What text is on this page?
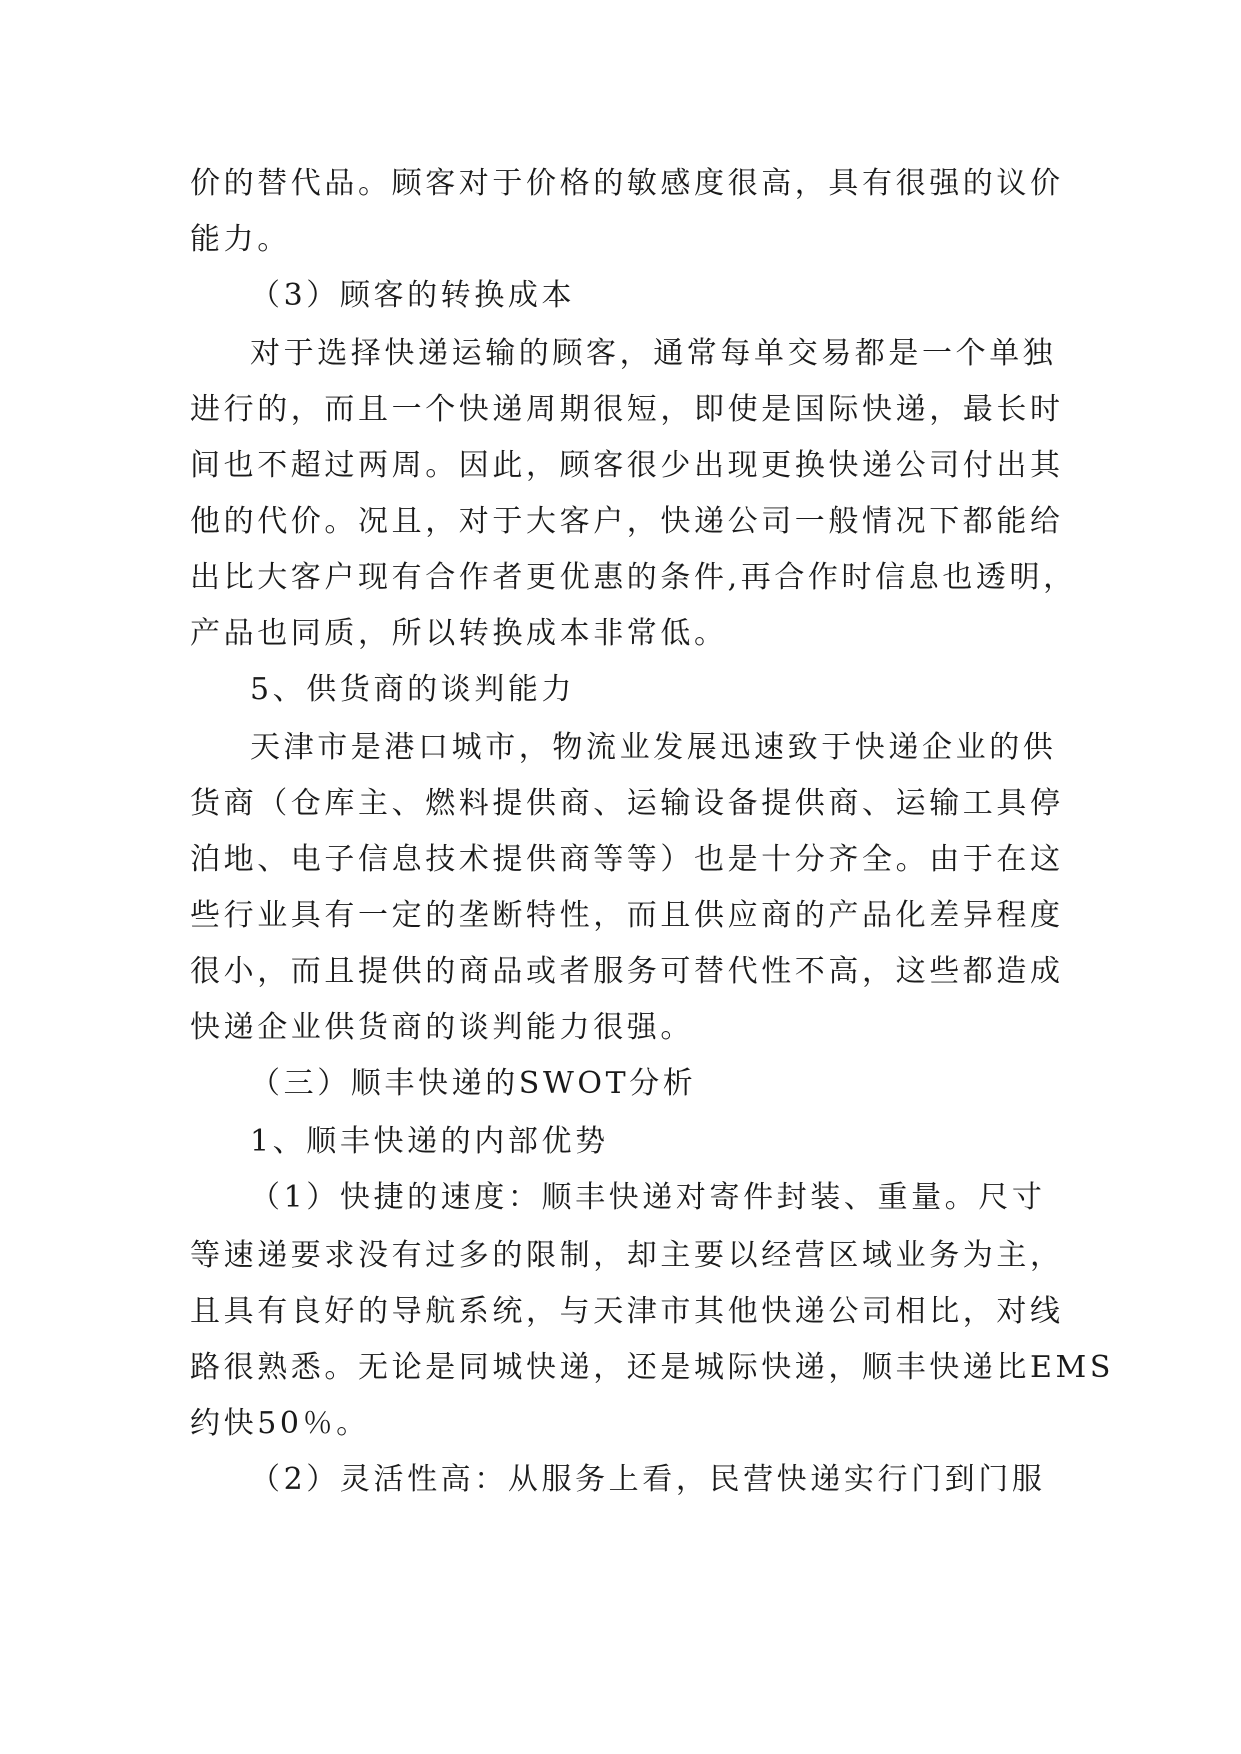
价的替代品。顾客对于价格的敏感度很高，具有很强的议价
能力。
（3）顾客的转换成本
对于选择快递运输的顾客，通常每单交易都是一个单独
进行的，而且一个快递周期很短，即使是国际快递，最长时
间也不超过两周。因此，顾客很少出现更换快递公司付出其
他的代价。况且，对于大客户，快递公司一般情况下都能给
出比大客户现有合作者更优惠的条件,再合作时信息也透明，
产品也同质，所以转换成本非常低。
5、供货商的谈判能力
天津市是港口城市，物流业发展迅速致于快递企业的供
货商（仓库主、燃料提供商、运输设备提供商、运输工具停
泊地、电子信息技术提供商等等）也是十分齐全。由于在这
些行业具有一定的垄断特性，而且供应商的产品化差异程度
很小，而且提供的商品或者服务可替代性不高，这些都造成
快递企业供货商的谈判能力很强。
（三）顺丰快递的SWOT分析
1、顺丰快递的内部优势
（1）快捷的速度：顺丰快递对寄件封装、重量。尺寸
等速递要求没有过多的限制，却主要以经营区域业务为主，
且具有良好的导航系统，与天津市其他快递公司相比，对线
路很熟悉。无论是同城快递，还是城际快递，顺丰快递比EMS
约快50％。
（2）灵活性高：从服务上看，民营快递实行门到门服
